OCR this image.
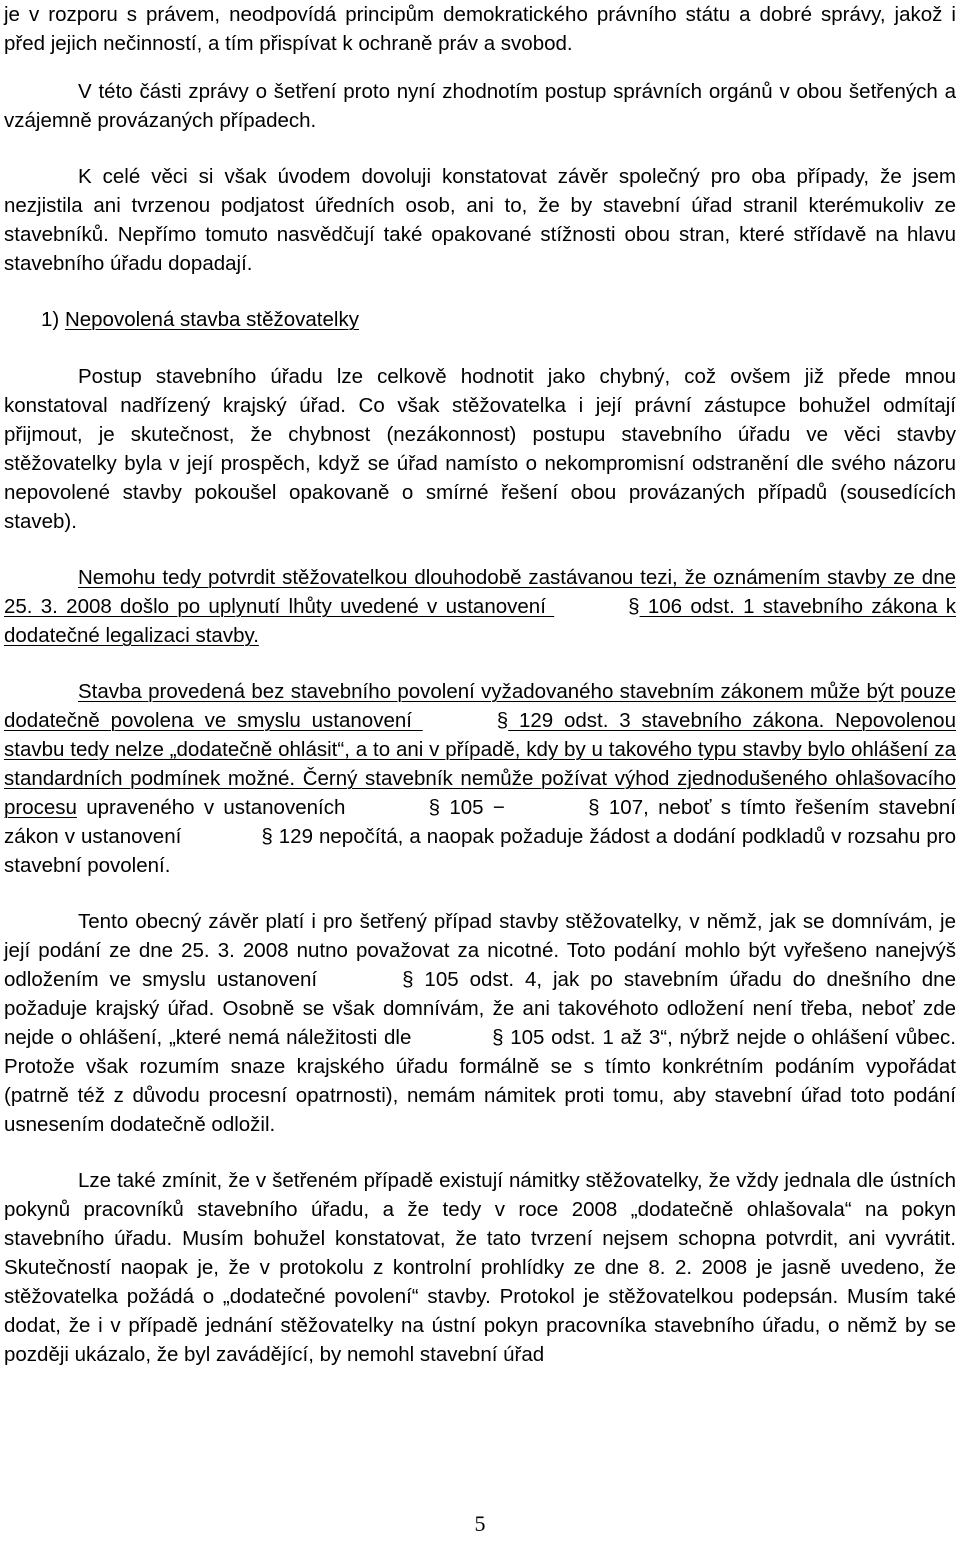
je v rozporu s právem, neodpovídá principům demokratického právního státu a dobré správy, jakož i před jejich nečinností, a tím přispívat k ochraně práv a svobod.

V této části zprávy o šetření proto nyní zhodnotím postup správních orgánů v obou šetřených a vzájemně provázaných případech.

K celé věci si však úvodem dovoluji konstatovat závěr společný pro oba případy, že jsem nezjistila ani tvrzenou podjatost úředních osob, ani to, že by stavební úřad stranil kterémukoliv ze stavebníků. Nepřímo tomuto nasvědčují také opakované stížnosti obou stran, které střídavě na hlavu stavebního úřadu dopadají.

1) Nepovolená stavba stěžovatelky

Postup stavebního úřadu lze celkově hodnotit jako chybný, což ovšem již přede mnou konstatoval nadřízený krajský úřad. Co však stěžovatelka i její právní zástupce bohužel odmítají přijmout, je skutečnost, že chybnost (nezákonnost) postupu stavebního úřadu ve věci stavby stěžovatelky byla v její prospěch, když se úřad namísto o nekompromisní odstranění dle svého názoru nepovolené stavby pokoušel opakovaně o smírné řešení obou provázaných případů (sousedících staveb).

Nemohu tedy potvrdit stěžovatelkou dlouhodobě zastávanou tezi, že oznámením stavby ze dne 25. 3. 2008 došlo po uplynutí lhůty uvedené v ustanovení	§ 106 odst. 1 stavebního zákona k dodatečné legalizaci stavby.

Stavba provedená bez stavebního povolení vyžadovaného stavebním zákonem může být pouze dodatečně povolena ve smyslu ustanovení	§ 129 odst. 3 stavebního zákona. Nepovolenou stavbu tedy nelze „dodatečně ohlásit“, a to ani v případě, kdy by u takového typu stavby bylo ohlášení za standardních podmínek možné. Černý stavebník nemůže požívat výhod zjednodušeného ohlašovacího procesu upraveného v ustanoveních	§ 105 −	§ 107, neboť s tímto řešením stavební zákon v ustanovení	§ 129 nepočítá, a naopak požaduje žádost a dodání podkladů v rozsahu pro stavební povolení.

Tento obecný závěr platí i pro šetřený případ stavby stěžovatelky, v němž, jak se domnívám, je její podání ze dne 25. 3. 2008 nutno považovat za nicotné. Toto podání mohlo být vyřešeno nanejvýš odložením ve smyslu ustanovení	§ 105 odst. 4, jak po stavebním úřadu do dnešního dne požaduje krajský úřad. Osobně se však domnívám, že ani takovéhoto odložení není třeba, neboť zde nejde o ohlášení, „které nemá náležitosti dle	§ 105 odst. 1 až 3“, nýbrž nejde o ohlášení vůbec. Protože však rozumím snaze krajského úřadu formálně se s tímto konkrétním podáním vypořádat (patrně též z důvodu procesní opatrnosti), nemám námitek proti tomu, aby stavební úřad toto podání usnesením dodatečně odložil.

Lze také zmínit, že v šetřeném případě existují námitky stěžovatelky, že vždy jednala dle ústních pokynů pracovníků stavebního úřadu, a že tedy v roce 2008 „dodatečně ohlašovala“ na pokyn stavebního úřadu. Musím bohužel konstatovat, že tato tvrzení nejsem schopna potvrdit, ani vyvrátit. Skutečností naopak je, že v protokolu z kontrolní prohlídky ze dne 8. 2. 2008 je jasně uvedeno, že stěžovatelka požádá o „dodatečné povolení“ stavby. Protokol je stěžovatelkou podepsán. Musím také dodat, že i v případě jednání stěžovatelky na ústní pokyn pracovníka stavebního úřadu, o němž by se později ukázalo, že byl zavádějící, by nemohl stavební úřad

5
